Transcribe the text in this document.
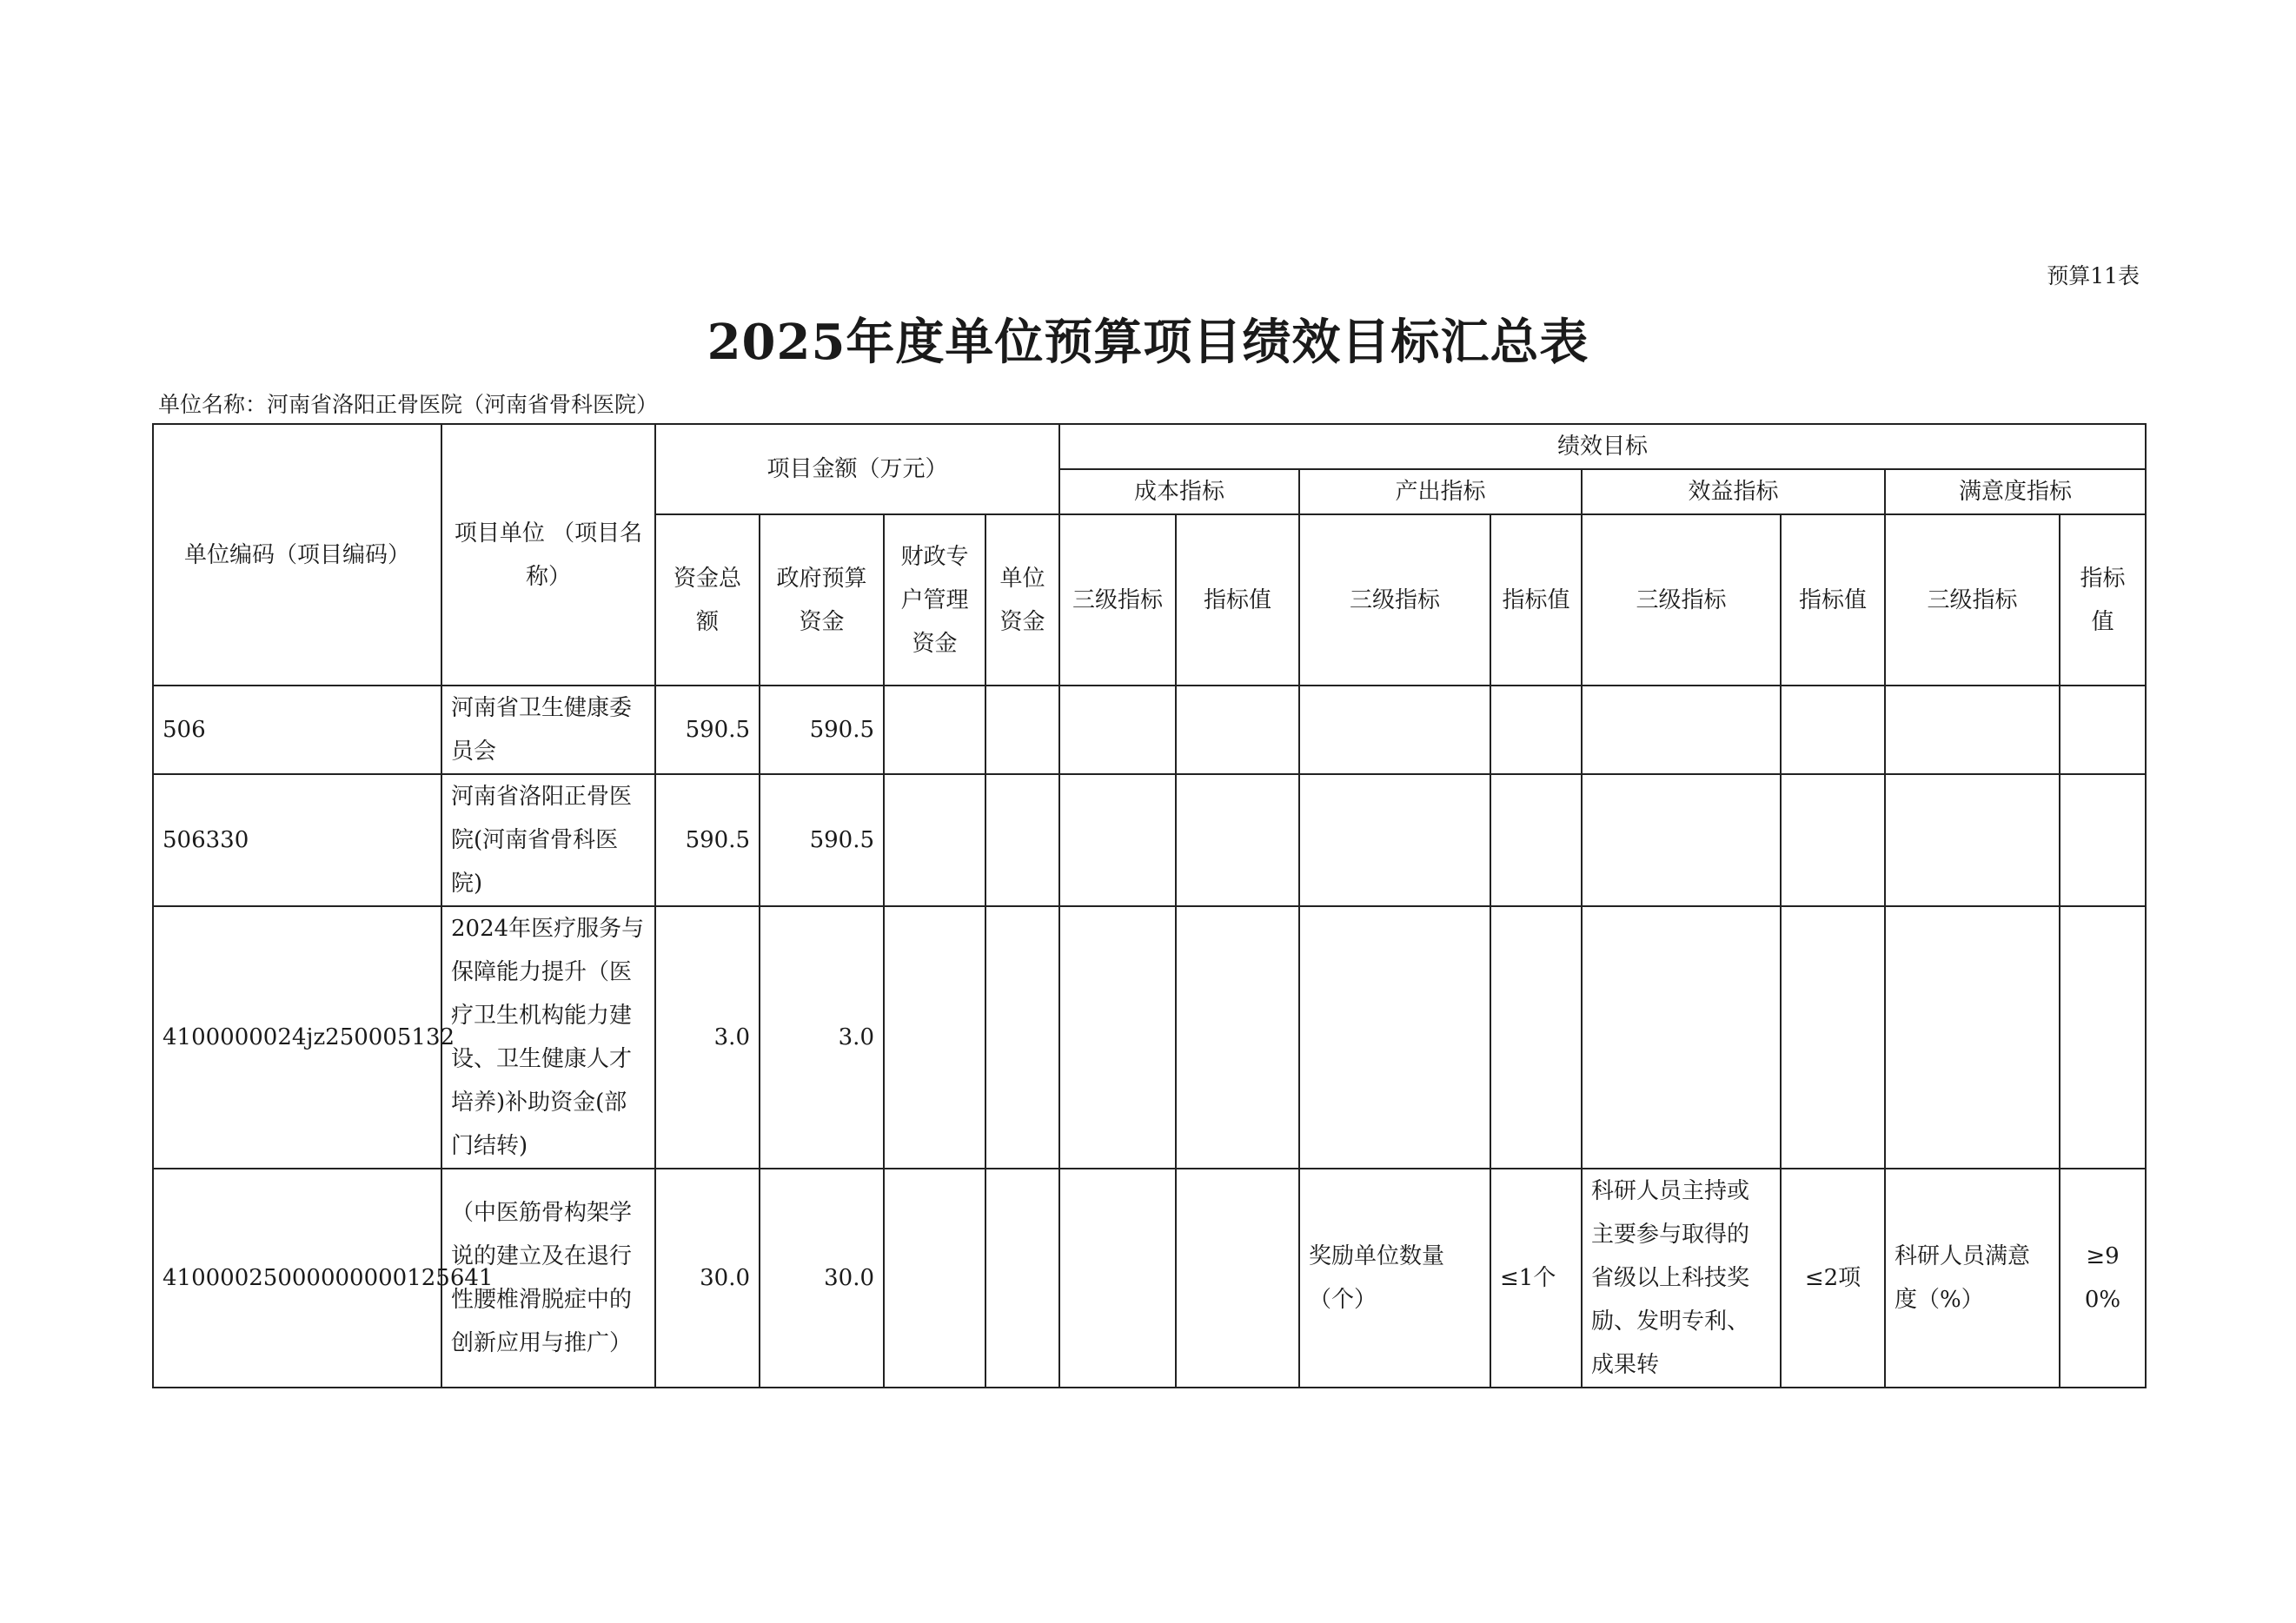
预算11表
2025年度单位预算项目绩效目标汇总表
单位名称：河南省洛阳正骨医院（河南省骨科医院）
单位编码（项目编码）	项目单位 （项目名称）	项目金额（万元）				绩效目标							
						成本指标		产出指标		效益指标		满意度指标	
		资金总额	政府预算资金	财政专户管理资金	单位资金	三级指标	指标值	三级指标	指标值	三级指标	指标值	三级指标	指标值
506	河南省卫生健康委员会	590.5	590.5										
506330	河南省洛阳正骨医院(河南省骨科医院)	590.5	590.5										
4100000024jz250005132	2024年医疗服务与保障能力提升（医疗卫生机构能力建设、卫生健康人才培养)补助资金(部门结转)	3.0	3.0										
41000025000000000125641	（中医筋骨构架学说的建立及在退行性腰椎滑脱症中的创新应用与推广）	30.0	30.0					奖励单位数量（个）	≤1个	科研人员主持或主要参与取得的省级以上科技奖励、发明专利、成果转	≤2项	科研人员满意度（%）	≥90%
